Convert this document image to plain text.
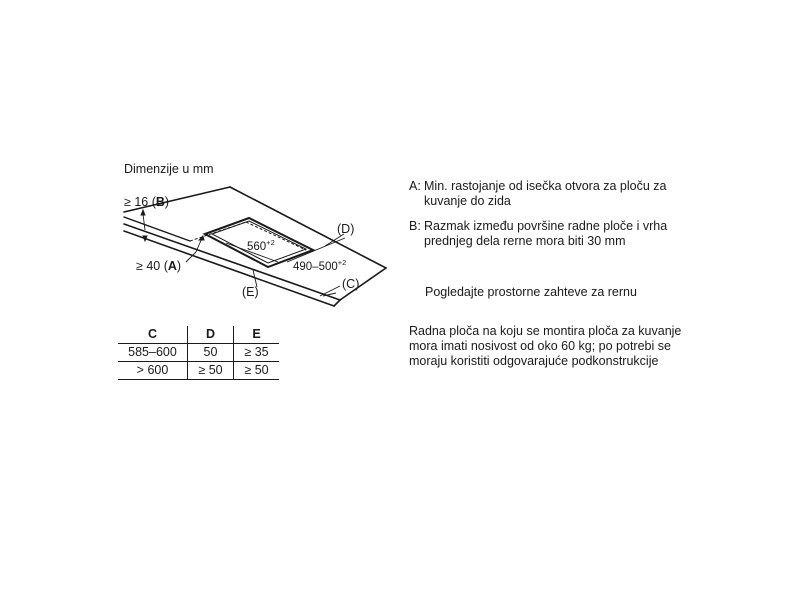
Dimenzije u mm
≥ 16 (B)
≥ 40 (A)
(D)
(C)
(E)
$560^{+2}$
$490-500^{+2}$
C	D	E
585–600	50	≥ 35
> 600	≥ 50	≥ 50
A: Min. rastojanje od isečka otvora za ploču za kuvanje do zida
B: Razmak između površine radne ploče i vrha prednjeg dela rerne mora biti 30 mm
Pogledajte prostorne zahteve za rernu
Radna ploča na koju se montira ploča za kuvanje mora imati nosivost od oko 60 kg; po potrebi se moraju koristiti odgovarajuće podkonstrukcije
